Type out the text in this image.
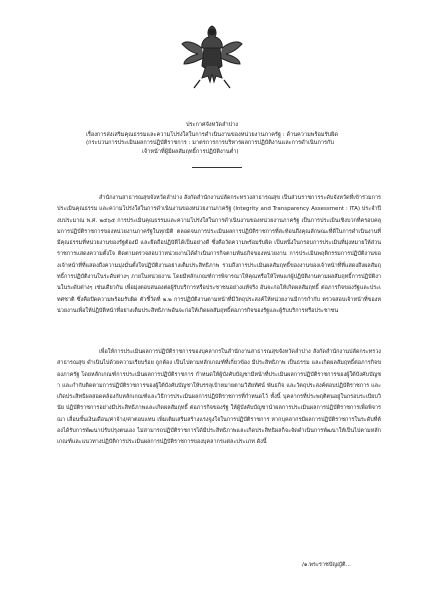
ประกาศจังหวัดลำปาง
เรื่อง การส่งเสริมคุณธรรมและความโปร่งใสในการดำเนินงานของหน่วยงานภาครัฐ : ด้านความพร้อมรับผิด
(กระบวนการประเมินผลการปฏิบัติราชการ : มาตรการการบริหารผลการปฏิบัติงานและการดำเนินการกับ
เจ้าหน้าที่ผู้มีผลสัมฤทธิ์การปฏิบัติงานต่ำ)
สำนักงานสาธารณสุขจังหวัดลำปาง สังกัดสำนักงานปลัดกระทรวงสาธารณสุข เป็นส่วนราชการระดับจังหวัดที่เข้าร่วมการประเมินคุณธรรม และความโปร่งใสในการดำเนินงานของหน่วยงานภาครัฐ (Integrity and Transparency Assessment : ITA) ประจำปีงบประมาณ พ.ศ. ๒๕๖๕ การประเมินคุณธรรมและความโปร่งใสในการดำเนินงานของหน่วยงานภาครัฐ เป็นการประเมินเชิงบวกที่ครอบคลุมการปฏิบัติราชการของหน่วยงานภาครัฐในทุกมิติ ตลอดจนการประเมินผลการปฏิบัติราชการที่สะท้อนถึงคุณลักษณะที่ดีในการดำเนินงานที่มีคุณธรรมที่หน่วยงานของรัฐต้องมี และยึดถือปฏิบัติได้เป็นอย่างดี ซึ่งคือวัดความพร้อมรับผิด เป็นหนึ่งในกรอบการประเมินที่มุ่งหมายให้ส่วนราชการแสดงความตั้งใจ ติดตามตรวจสอบว่าหน่วยงานได้ดำเนินการกิจตามพันธกิจของหน่วยงาน การประเมินพฤติกรรมการปฏิบัติงานของเจ้าหน้าที่ที่แสดงถึงความมุ่งมั่นตั้งใจปฏิบัติงานอย่างเต็มประสิทธิภาพ รวมถึงการประเมินผลสัมฤทธิ์ของงานของเจ้าหน้าที่ที่แสดงถึงผลสัมฤทธิ์การปฏิบัติงานในระดับต่างๆ ภายในหน่วยงาน โดยมีหลักเกณฑ์การพิจารณาให้คุณหรือให้โทษแก่ผู้ปฏิบัติงานตามผลสัมฤทธิ์การปฏิบัติงานในระดับต่างๆ เช่นเดียวกัน เพื่อมุ่งตอบสนองต่อผู้รับบริการหรือประชาชนอย่างแท้จริง อันจะก่อให้เกิดผลสัมฤทธิ์ ต่อภารกิจของรัฐและประเทศชาติ ซึ่งคือปัดความพร้อมรับผิด ตัวชี้วัดที่ ๒.๒ การปฏิบัติงานตามหน้าที่มีวัตถุประสงค์ให้หน่วยงานมีการกำกับ ตรวจสอบเจ้าหน้าที่ของหน่วยงานเพื่อให้ปฏิบัติหน้าที่อย่างเต็มประสิทธิภาพอันจะก่อให้เกิดผลสัมฤทธิ์ต่อภารกิจของรัฐและผู้รับบริการหรือประชาชน
เพื่อให้การประเมินผลการปฏิบัติราชการของบุคลากรในสำนักงานสาธารณสุขจังหวัดลำปาง สังกัดสำนักงานปลัดกระทรวงสาธารณสุข ดำเนินไปด้วยความเรียบร้อย ถูกต้อง เป็นไปตามหลักเกณฑ์ที่เกี่ยวข้อง มีประสิทธิภาพ เป็นธรรม และเกิดผลสัมฤทธิ์ต่อภารกิจของภาครัฐ โดยหลักเกณฑ์การประเมินผลการปฏิบัติราชการ กำหนดให้ผู้บังคับบัญชามีหน้าที่ประเมินผลการปฏิบัติราชการของผู้ใต้บังคับบัญชา และกำกับติดตามการปฏิบัติราชการของผู้ใต้บังคับบัญชาให้บรรลุเป้าหมายตามวิสัยทัศน์ พันธกิจ และวัตถุประสงค์ต่อบปฏิบัติราชการ และเกิดประสิทธิผลสอดคล้องกับหลักเกณฑ์และวิธีการประเมินผลการปฏิบัติราชการที่กำหนดไว้ ทั้งนี้ บุคลากรที่ประพฤติตนอยู่ในกรอบระเบียบวินัย ปฏิบัติราชการอย่างมีประสิทธิภาพและเกิดผลสัมฤทธิ์ ต่อภารกิจของรัฐ ให้ผู้บังคับบัญชานำผลการประเมินผลการปฏิบัติราชการเพื่อพิจารณา เลื่อนขั้นเงินเดือน/ค่าจ้าง/ค่าตอบแทน เพิ่มเติมเสริมสร้างแรงจูงใจในการปฏิบัติราชการ หากบุคลากรมีผลการปฏิบัติราชการในระดับที่ต้องได้รับการพัฒนาปรับปรุงตนเอง ไม่สามารถปฏิบัติราชการได้มีประสิทธิภาพและเกิดประสิทธิผลก็จะจัดดำเนินการพัฒนาให้เป็นไปตามหลักเกณฑ์และแนวทางปฏิบัติการประเมินผลการปฏิบัติราชการของบุคลากรแต่ละประเภท ดังนี้
/๑.พระราชบัญญัติ...
